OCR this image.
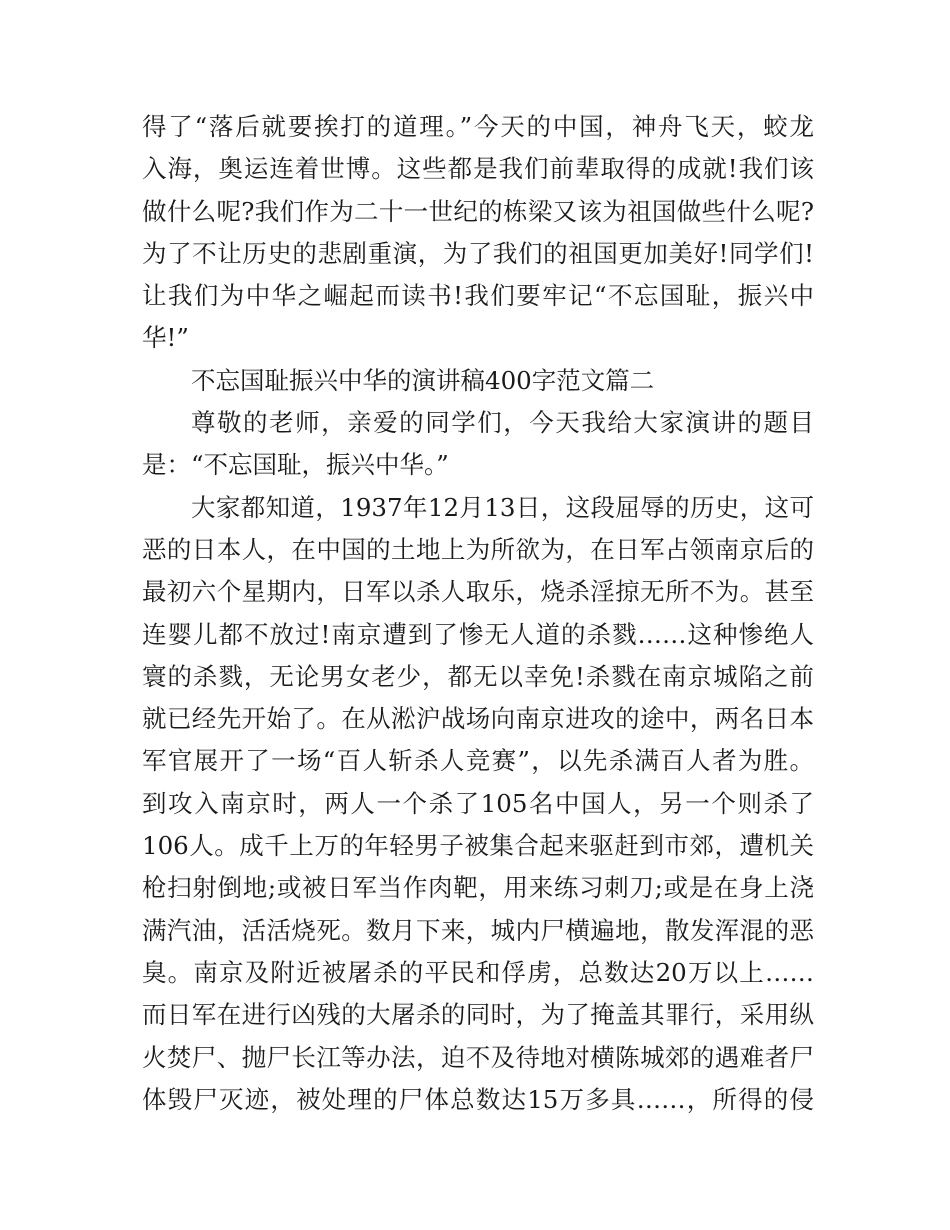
得了“落后就要挨打的道理。”今天的中国，神舟飞天，蛟龙
入海，奥运连着世博。这些都是我们前辈取得的成就!我们该
做什么呢?我们作为二十一世纪的栋梁又该为祖国做些什么呢?
为了不让历史的悲剧重演，为了我们的祖国更加美好!同学们!
让我们为中华之崛起而读书!我们要牢记“不忘国耻，振兴中
华!”
不忘国耻振兴中华的演讲稿400字范文篇二
尊敬的老师，亲爱的同学们，今天我给大家演讲的题目
是：“不忘国耻，振兴中华。”
大家都知道，1937年12月13日，这段屈辱的历史，这可
恶的日本人，在中国的土地上为所欲为，在日军占领南京后的
最初六个星期内，日军以杀人取乐，烧杀淫掠无所不为。甚至
连婴儿都不放过!南京遭到了惨无人道的杀戮……这种惨绝人
寰的杀戮，无论男女老少，都无以幸免!杀戮在南京城陷之前
就已经先开始了。在从淞沪战场向南京进攻的途中，两名日本
军官展开了一场“百人斩杀人竞赛”，以先杀满百人者为胜。
到攻入南京时，两人一个杀了105名中国人，另一个则杀了
106人。成千上万的年轻男子被集合起来驱赶到市郊，遭机关
枪扫射倒地;或被日军当作肉靶，用来练习刺刀;或是在身上浇
满汽油，活活烧死。数月下来，城内尸横遍地，散发浑混的恶
臭。南京及附近被屠杀的平民和俘虏，总数达20万以上……
而日军在进行凶残的大屠杀的同时，为了掩盖其罪行，采用纵
火焚尸、抛尸长江等办法，迫不及待地对横陈城郊的遇难者尸
体毁尸灭迹，被处理的尸体总数达15万多具……，所得的侵
